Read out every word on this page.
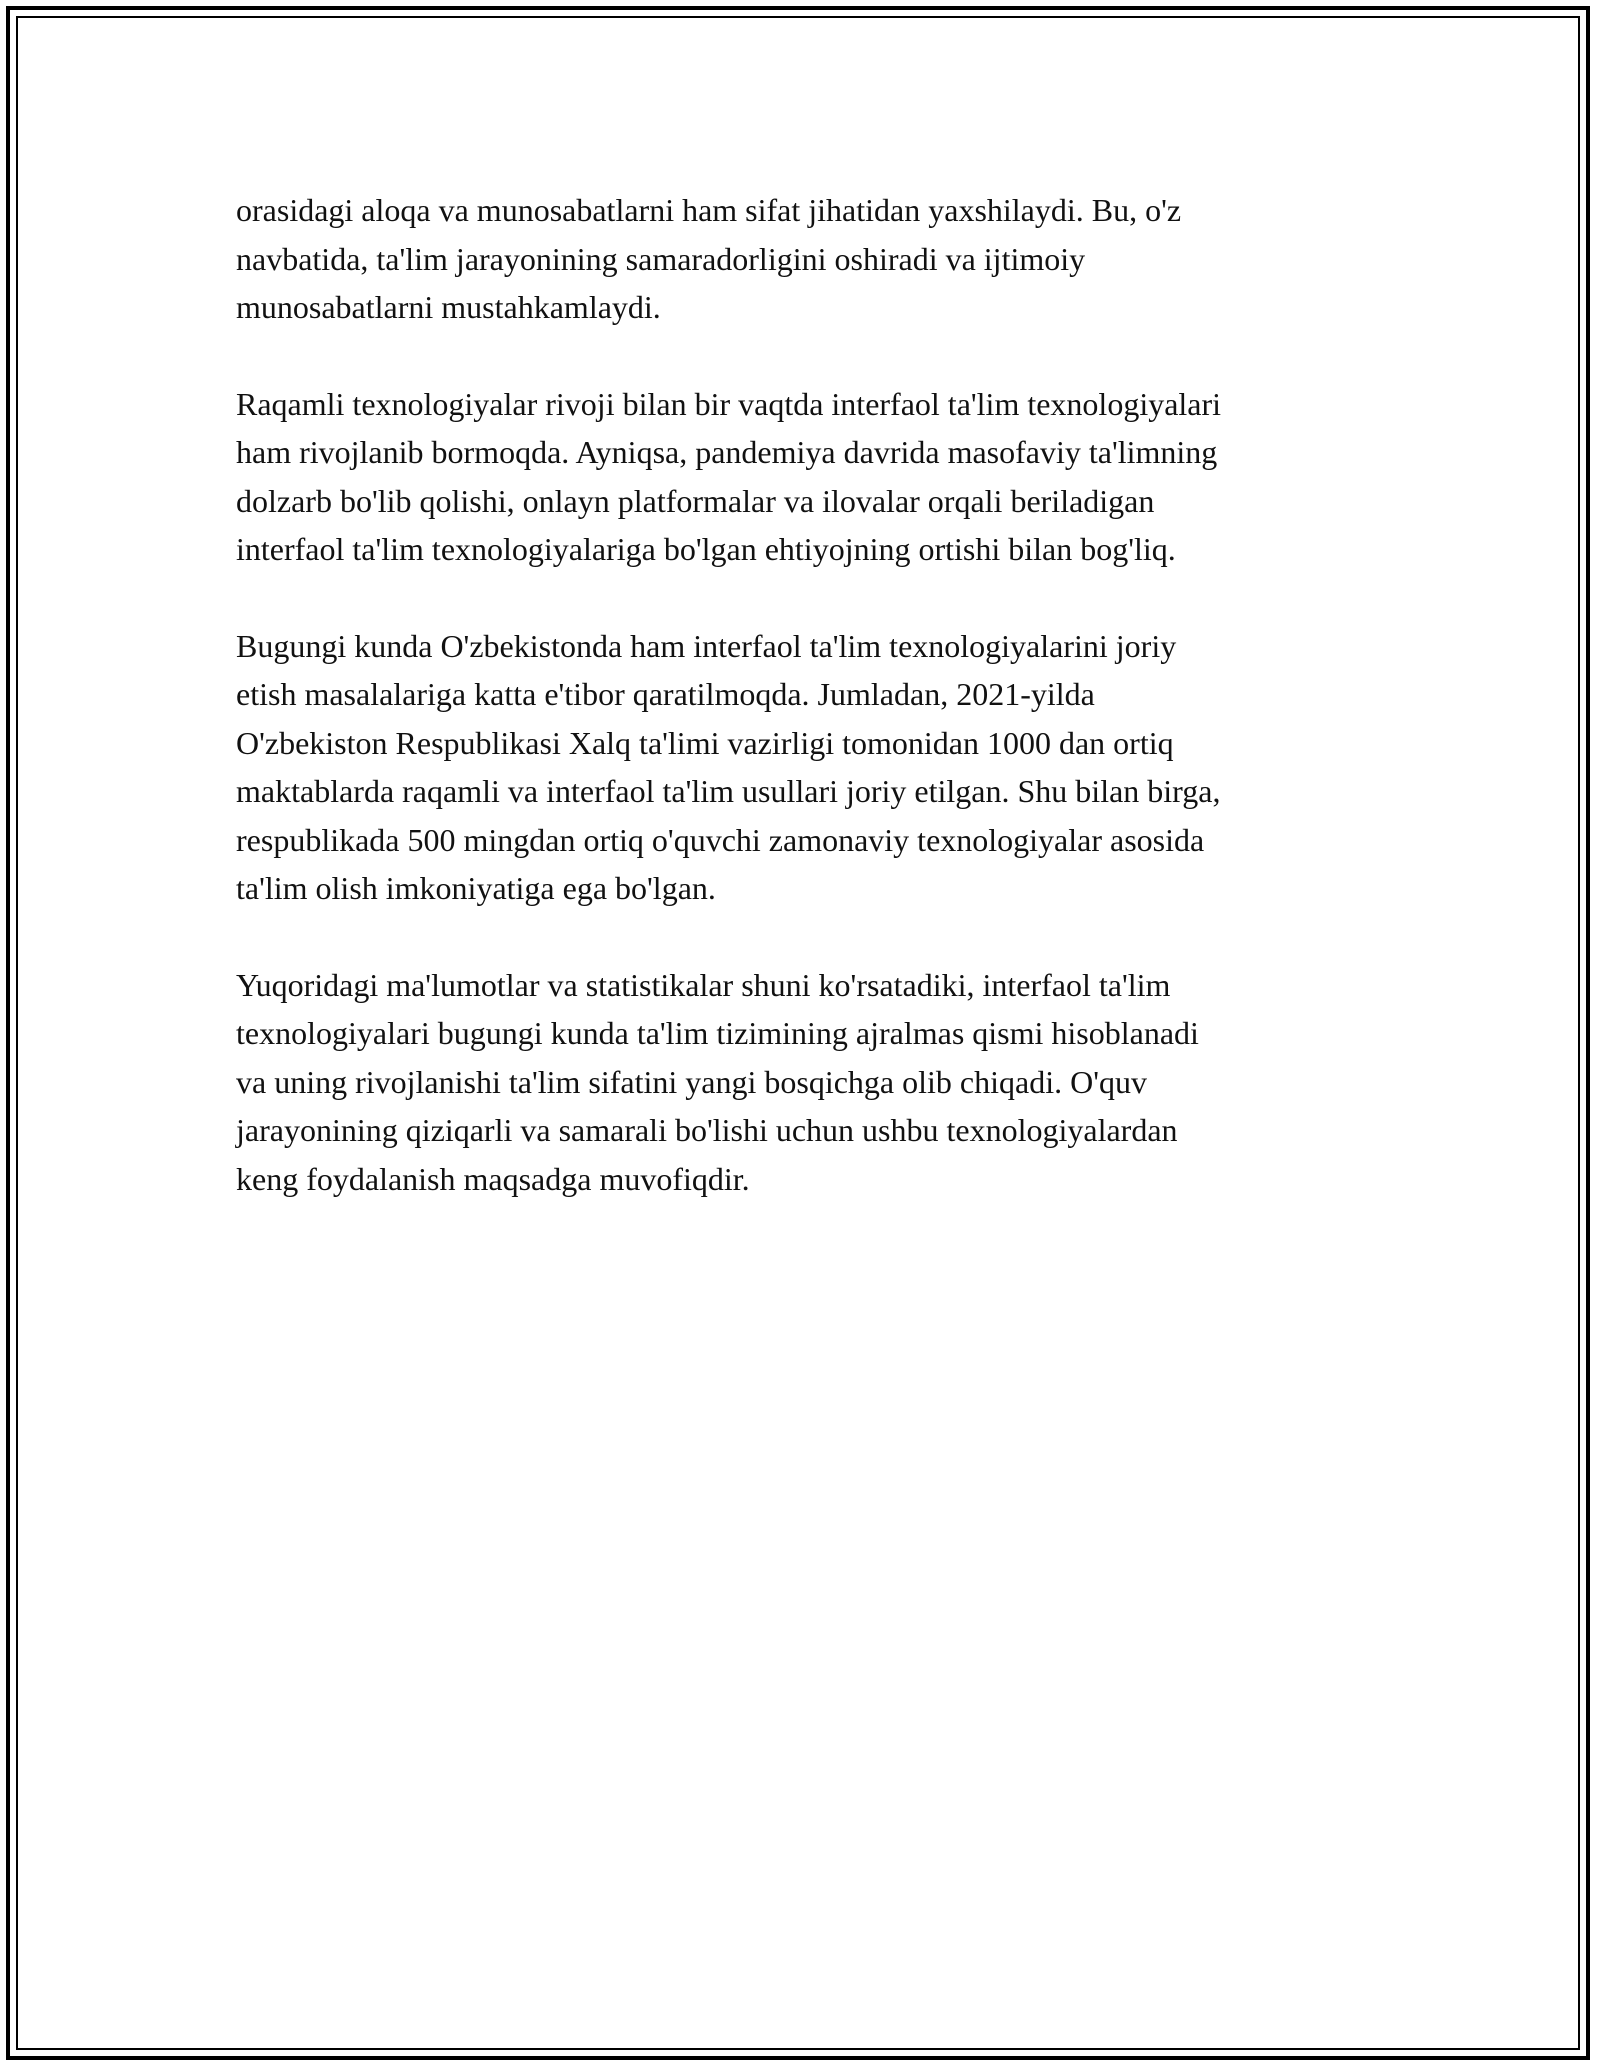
orasidagi aloqa va munosabatlarni ham sifat jihatidan yaxshilaydi. Bu, o'z
navbatida, ta'lim jarayonining samaradorligini oshiradi va ijtimoiy
munosabatlarni mustahkamlaydi.

Raqamli texnologiyalar rivoji bilan bir vaqtda interfaol ta'lim texnologiyalari
ham rivojlanib bormoqda. Ayniqsa, pandemiya davrida masofaviy ta'limning
dolzarb bo'lib qolishi, onlayn platformalar va ilovalar orqali beriladigan
interfaol ta'lim texnologiyalariga bo'lgan ehtiyojning ortishi bilan bog'liq.

Bugungi kunda O'zbekistonda ham interfaol ta'lim texnologiyalarini joriy
etish masalalariga katta e'tibor qaratilmoqda. Jumladan, 2021-yilda
O'zbekiston Respublikasi Xalq ta'limi vazirligi tomonidan 1000 dan ortiq
maktablarda raqamli va interfaol ta'lim usullari joriy etilgan. Shu bilan birga,
respublikada 500 mingdan ortiq o'quvchi zamonaviy texnologiyalar asosida
ta'lim olish imkoniyatiga ega bo'lgan.

Yuqoridagi ma'lumotlar va statistikalar shuni ko'rsatadiki, interfaol ta'lim
texnologiyalari bugungi kunda ta'lim tizimining ajralmas qismi hisoblanadi
va uning rivojlanishi ta'lim sifatini yangi bosqichga olib chiqadi. O'quv
jarayonining qiziqarli va samarali bo'lishi uchun ushbu texnologiyalardan
keng foydalanish maqsadga muvofiqdir.
